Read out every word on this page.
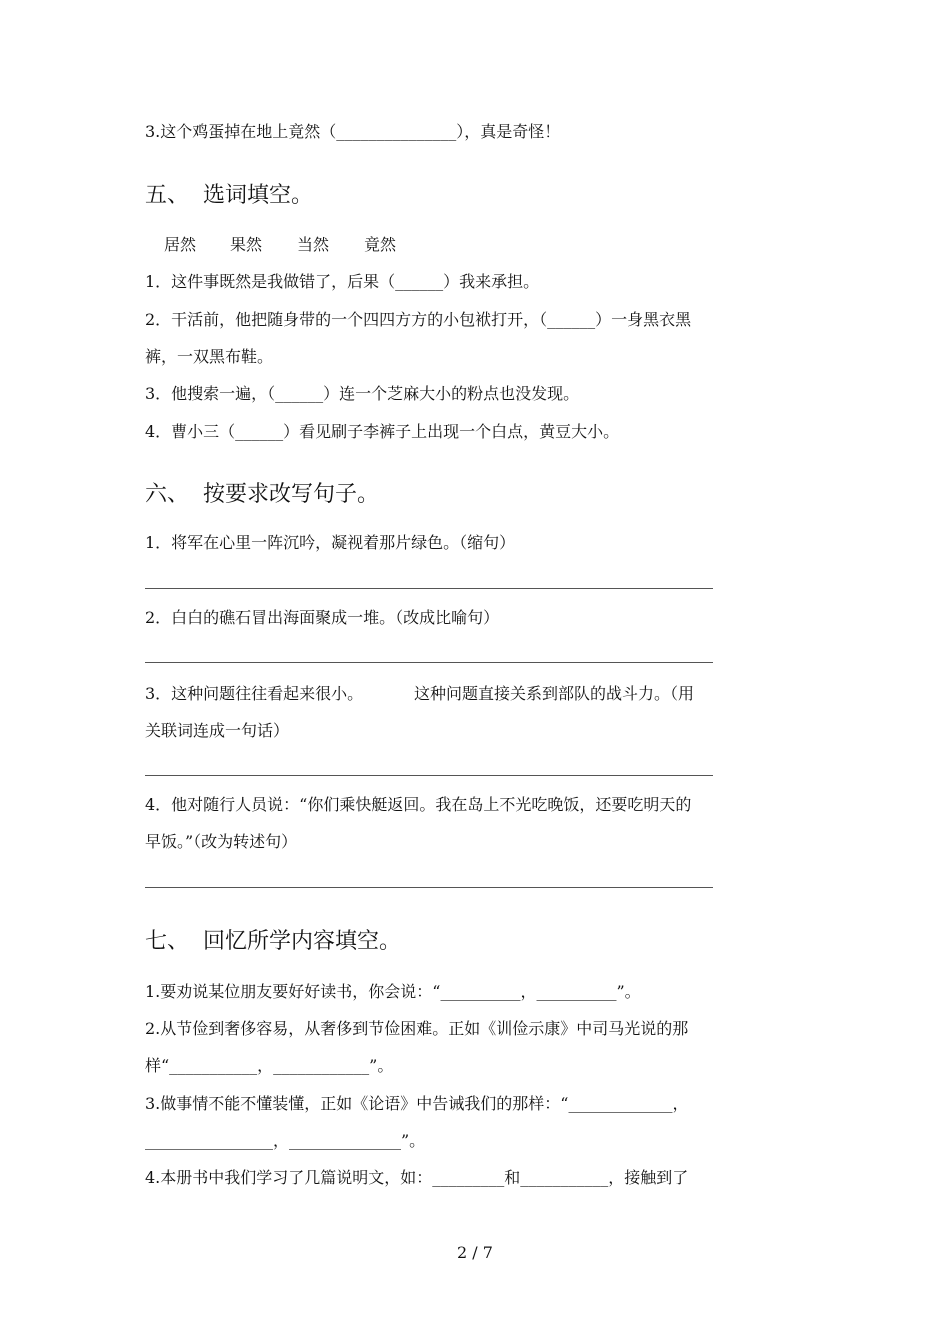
3.这个鸡蛋掉在地上竟然（_______________），真是奇怪！
五、  选词填空。
居然 果然 当然 竟然
1．这件事既然是我做错了，后果（______）我来承担。
2．干活前，他把随身带的一个四四方方的小包袱打开，（______）一身黑衣黑
裤，一双黑布鞋。
3．他搜索一遍，（______）连一个芝麻大小的粉点也没发现。
4．曹小三（______）看见刷子李裤子上出现一个白点，黄豆大小。
六、  按要求改写句子。
1．将军在心里一阵沉吟，凝视着那片绿色。（缩句）
2．白白的礁石冒出海面聚成一堆。（改成比喻句）
3．这种问题往往看起来很小。          这种问题直接关系到部队的战斗力。（用
关联词连成一句话）
4．他对随行人员说：“你们乘快艇返回。我在岛上不光吃晚饭，还要吃明天的
早饭。”（改为转述句）
七、  回忆所学内容填空。
1.要劝说某位朋友要好好读书，你会说：“__________，__________”。
2.从节俭到奢侈容易，从奢侈到节俭困难。正如《训俭示康》中司马光说的那
样“___________，____________”。
3.做事情不能不懂装懂，正如《论语》中告诫我们的那样：“_____________，
________________，______________”。
4.本册书中我们学习了几篇说明文，如：_________和___________，接触到了
2 / 7
